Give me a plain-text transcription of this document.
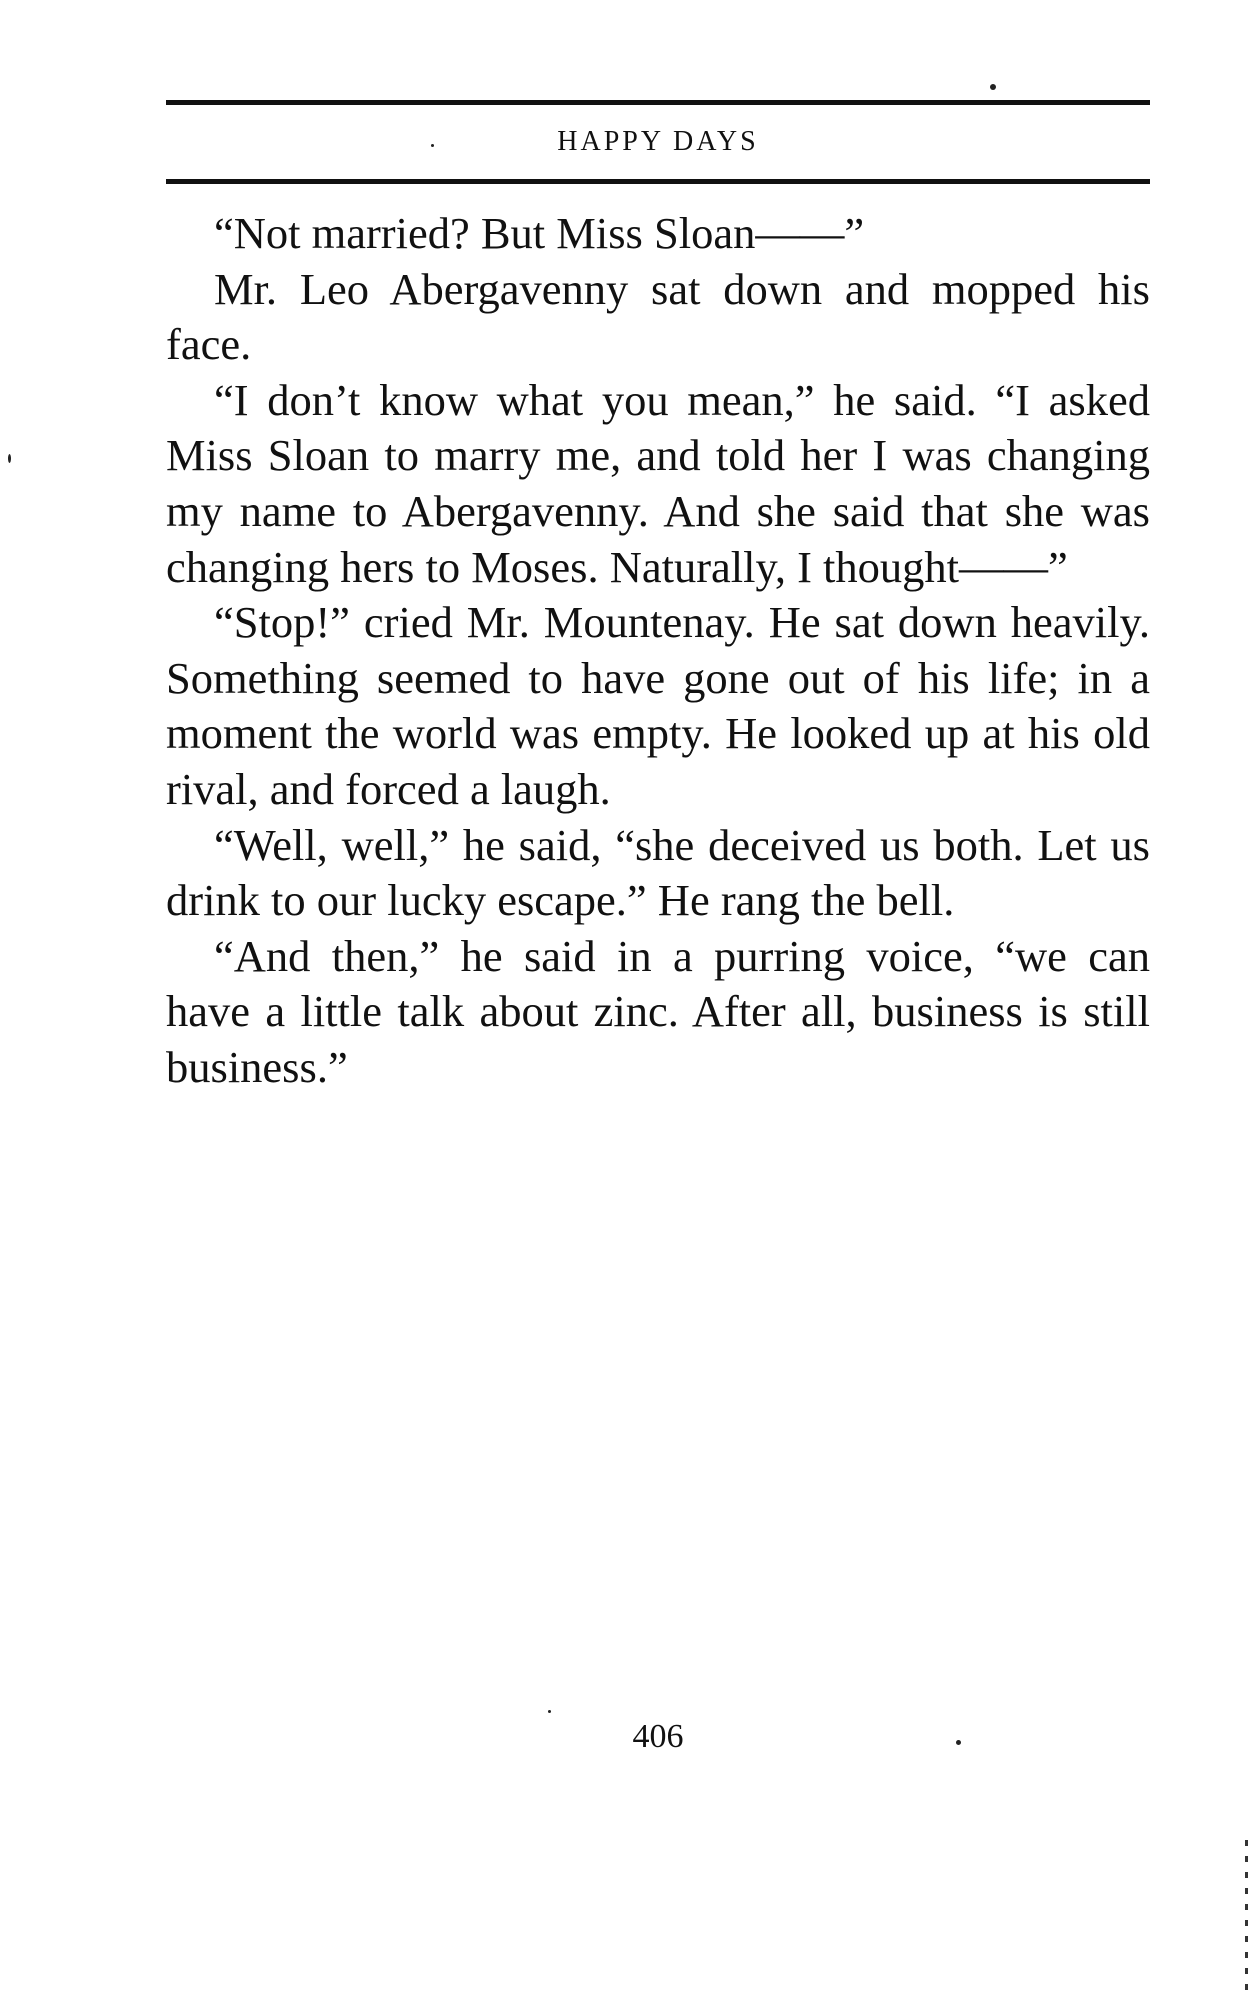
HAPPY DAYS

“Not married? But Miss Sloan——”

Mr. Leo Abergavenny sat down and mopped his face.

“I don’t know what you mean,” he said. “I asked Miss Sloan to marry me, and told her I was changing my name to Abergavenny. And she said that she was changing hers to Moses. Naturally, I thought——”

“Stop!” cried Mr. Mountenay. He sat down heavily. Something seemed to have gone out of his life; in a moment the world was empty. He looked up at his old rival, and forced a laugh.

“Well, well,” he said, “she deceived us both. Let us drink to our lucky escape.” He rang the bell.

“And then,” he said in a purring voice, “we can have a little talk about zinc. After all, business is still business.”

406
